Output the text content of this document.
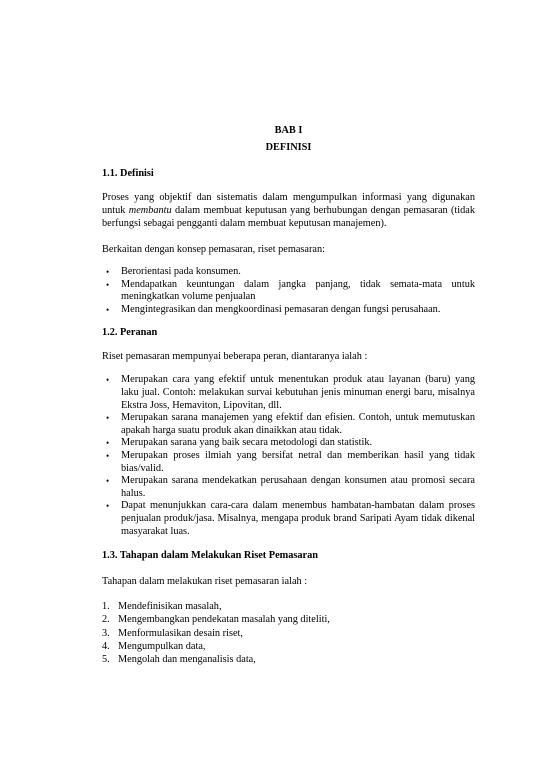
BAB I
DEFINISI
1.1. Definisi

Proses yang objektif dan sistematis dalam mengumpulkan informasi yang digunakan untuk membantu dalam membuat keputusan yang berhubungan dengan pemasaran (tidak berfungsi sebagai pengganti dalam membuat keputusan manajemen).

Berkaitan dengan konsep pemasaran, riset pemasaran:

• Berorientasi pada konsumen.
• Mendapatkan keuntungan dalam jangka panjang, tidak semata-mata untuk meningkatkan volume penjualan
• Mengintegrasikan dan mengkoordinasi pemasaran dengan fungsi perusahaan.
1.2. Peranan

Riset pemasaran mempunyai beberapa peran, diantaranya ialah :

• Merupakan cara yang efektif untuk menentukan produk atau layanan (baru) yang laku jual. Contoh: melakukan survai kebutuhan jenis minuman energi baru, misalnya Ekstra Joss, Hemaviton, Lipovitan, dll.
• Merupakan sarana manajemen yang efektif dan efisien. Contoh, untuk memutuskan apakah harga suatu produk akan dinaikkan atau tidak.
• Merupakan sarana yang baik secara metodologi dan statistik.
• Merupakan proses ilmiah yang bersifat netral dan memberikan hasil yang tidak bias/valid.
• Merupakan sarana mendekatkan perusahaan dengan konsumen atau promosi secara halus.
• Dapat menunjukkan cara-cara dalam menembus hambatan-hambatan dalam proses penjualan produk/jasa. Misalnya, mengapa produk brand Saripati Ayam tidak dikenal masyarakat luas.
1.3. Tahapan dalam Melakukan Riset Pemasaran

Tahapan dalam melakukan riset pemasaran ialah :

1. Mendefinisikan masalah,
2. Mengembangkan pendekatan masalah yang diteliti,
3. Menformulasikan desain riset,
4. Mengumpulkan data,
5. Mengolah dan menganalisis data,
